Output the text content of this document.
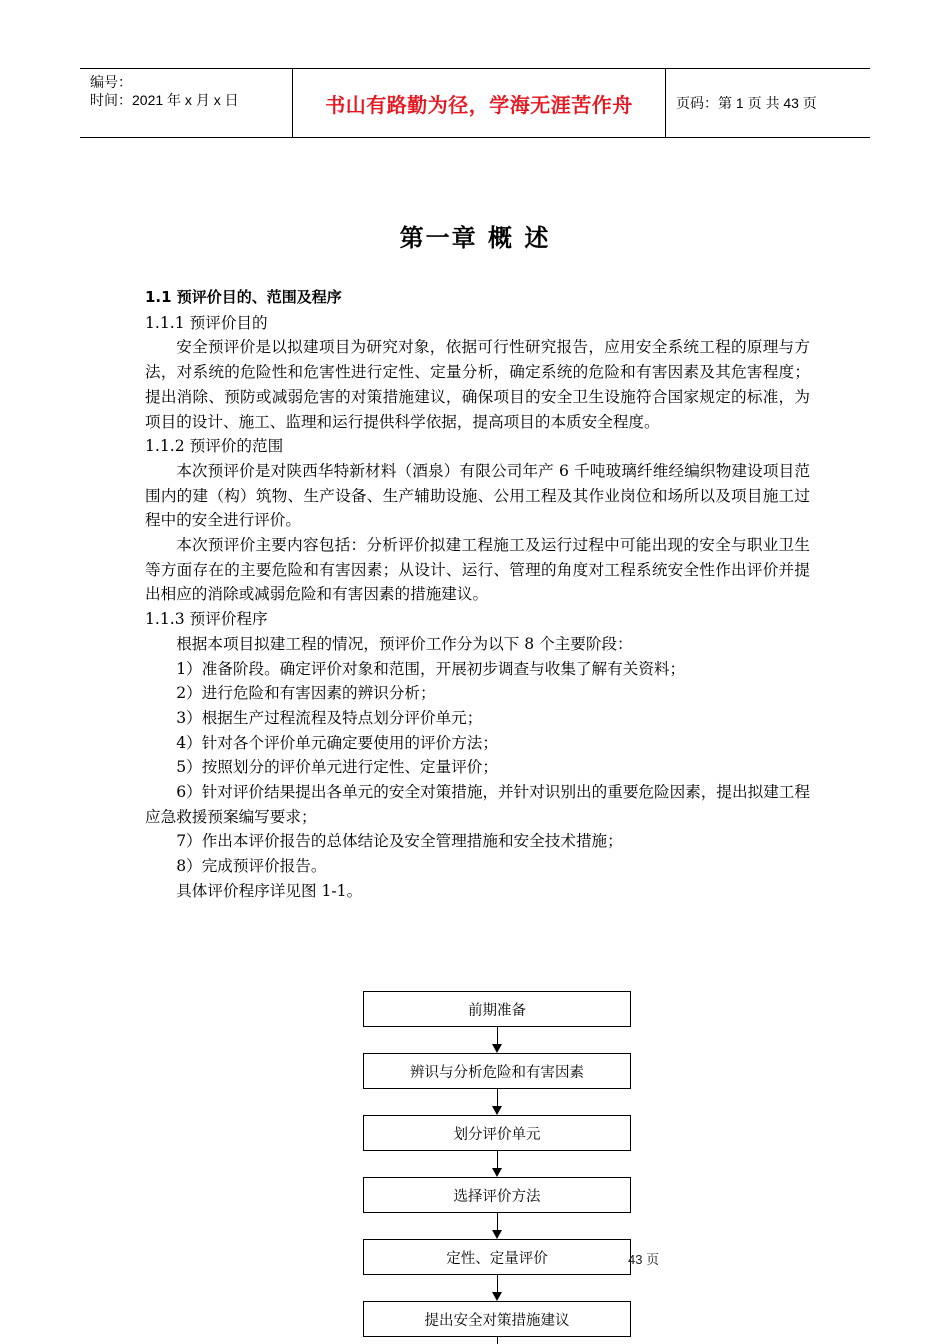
编号：
时间：2021 年 x 月 x 日	书山有路勤为径，学海无涯苦作舟	页码：第 1 页 共 43 页
第一章 概 述

1.1 预评价目的、范围及程序

1.1.1 预评价目的

安全预评价是以拟建项目为研究对象，依据可行性研究报告，应用安全系统工程的原理与方法，对系统的危险性和危害性进行定性、定量分析，确定系统的危险和有害因素及其危害程度；提出消除、预防或减弱危害的对策措施建议，确保项目的安全卫生设施符合国家规定的标准，为项目的设计、施工、监理和运行提供科学依据，提高项目的本质安全程度。

1.1.2 预评价的范围

本次预评价是对陕西华特新材料（酒泉）有限公司年产 6 千吨玻璃纤维经编织物建设项目范围内的建（构）筑物、生产设备、生产辅助设施、公用工程及其作业岗位和场所以及项目施工过程中的安全进行评价。

本次预评价主要内容包括：分析评价拟建工程施工及运行过程中可能出现的安全与职业卫生等方面存在的主要危险和有害因素；从设计、运行、管理的角度对工程系统安全性作出评价并提出相应的消除或减弱危险和有害因素的措施建议。

1.1.3 预评价程序

根据本项目拟建工程的情况，预评价工作分为以下 8 个主要阶段：

1）准备阶段。确定评价对象和范围，开展初步调查与收集了解有关资料；

2）进行危险和有害因素的辨识分析；

3）根据生产过程流程及特点划分评价单元；

4）针对各个评价单元确定要使用的评价方法；

5）按照划分的评价单元进行定性、定量评价；

6）针对评价结果提出各单元的安全对策措施，并针对识别出的重要危险因素，提出拟建工程应急救援预案编写要求；

7）作出本评价报告的总体结论及安全管理措施和安全技术措施；

8）完成预评价报告。

具体评价程序详见图 1-1。

前期准备
辨识与分析危险和有害因素
划分评价单元
选择评价方法
定性、定量评价
提出安全对策措施建议
43 页
